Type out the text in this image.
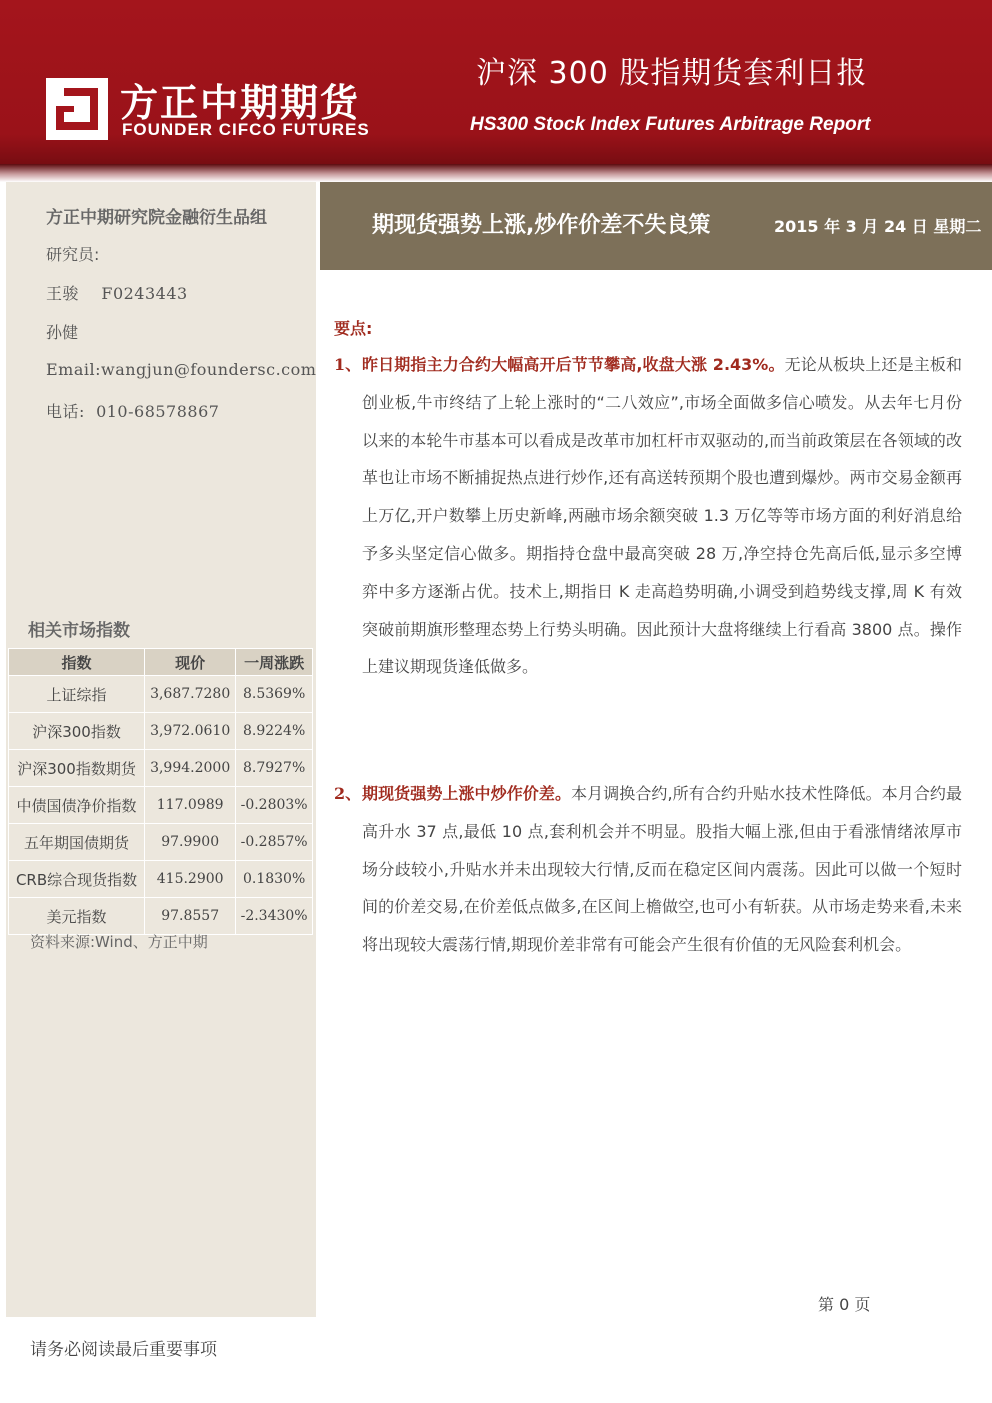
方正中期期货
FOUNDER CIFCO FUTURES
沪深 300 股指期货套利日报
HS300 Stock Index Futures Arbitrage Report
方正中期研究院金融衍生品组
研究员:
王骏    F0243443
孙健
Email:wangjun@foundersc.com
电话:  010-68578867
相关市场指数
指数	现价	一周涨跌
上证综指	3,687.7280	8.5369%
沪深300指数	3,972.0610	8.9224%
沪深300指数期货	3,994.2000	8.7927%
中债国债净价指数	117.0989	-0.2803%
五年期国债期货	97.9900	-0.2857%
CRB综合现货指数	415.2900	0.1830%
美元指数	97.8557	-2.3430%
资料来源:Wind、方正中期
期现货强势上涨,炒作价差不失良策	2015 年 3 月 24 日 星期二
要点:
1、 昨日期指主力合约大幅高开后节节攀高,收盘大涨 2.43%。无论从板块上还是主板和创业板,牛市终结了上轮上涨时的“二八效应”,市场全面做多信心喷发。从去年七月份以来的本轮牛市基本可以看成是改革市加杠杆市双驱动的,而当前政策层在各领域的改革也让市场不断捕捉热点进行炒作,还有高送转预期个股也遭到爆炒。两市交易金额再上万亿,开户数攀上历史新峰,两融市场余额突破 1.3 万亿等等市场方面的利好消息给予多头坚定信心做多。期指持仓盘中最高突破 28 万,净空持仓先高后低,显示多空博弈中多方逐渐占优。技术上,期指日 K 走高趋势明确,小调受到趋势线支撑,周 K 有效突破前期旗形整理态势上行势头明确。因此预计大盘将继续上行看高 3800 点。操作上建议期现货逢低做多。
2、 期现货强势上涨中炒作价差。本月调换合约,所有合约升贴水技术性降低。本月合约最高升水 37 点,最低 10 点,套利机会并不明显。股指大幅上涨,但由于看涨情绪浓厚市场分歧较小,升贴水并未出现较大行情,反而在稳定区间内震荡。因此可以做一个短时间的价差交易,在价差低点做多,在区间上檐做空,也可小有斩获。从市场走势来看,未来将出现较大震荡行情,期现价差非常有可能会产生很有价值的无风险套利机会。
第 0 页
请务必阅读最后重要事项
